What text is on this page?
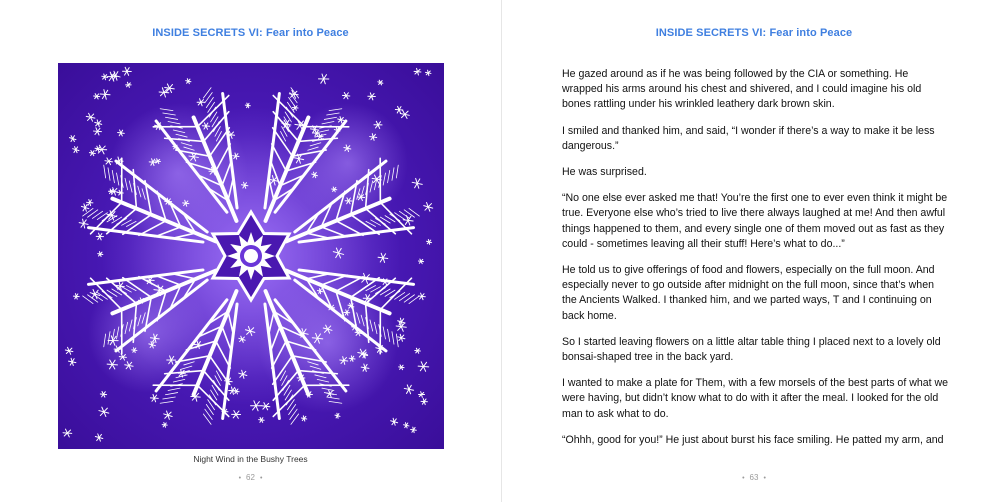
INSIDE SECRETS VI: Fear into Peace
Night Wind in the Bushy Trees
• 62 •
INSIDE SECRETS VI: Fear into Peace

He gazed around as if he was being followed by the CIA or something. He wrapped his arms around his chest and shivered, and I could imagine his old bones rattling under his wrinkled leathery dark brown skin.

I smiled and thanked him, and said, “I wonder if there’s a way to make it be less dangerous.”

He was surprised.

“No one else ever asked me that! You’re the first one to ever even think it might be true. Everyone else who’s tried to live there always laughed at me! And then awful things happened to them, and every single one of them moved out as fast as they could - sometimes leaving all their stuff! Here’s what to do...”

He told us to give offerings of food and flowers, especially on the full moon. And especially never to go outside after midnight on the full moon, since that’s when the Ancients Walked. I thanked him, and we parted ways, T and I continuing on back home.

So I started leaving flowers on a little altar table thing I placed next to a lovely old bonsai-shaped tree in the back yard.

I wanted to make a plate for Them, with a few morsels of the best parts of what we were having, but didn’t know what to do with it after the meal. I looked for the old man to ask what to do.

“Ohhh, good for you!” He just about burst his face smiling. He patted my arm, and

• 63 •
